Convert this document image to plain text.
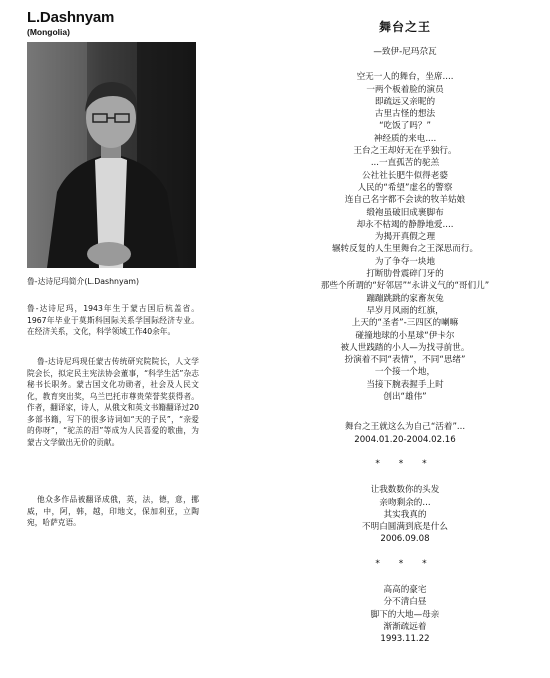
L.Dashnyam
(Mongolia)
鲁-达诗尼玛简介(L.Dashnyam)
鲁-达诗尼玛，1943年生于蒙古国后杭盖省。1967年毕业于莫斯科国际关系学国际经济专业。在经济关系，文化，科学领域工作40余年。
鲁-达诗尼玛现任蒙古传统研究院院长，人文学院会长，拟定民主宪法协会董事，“科学生活”杂志秘书长职务。蒙古国文化功勋者，社会及人民文化，教育突出奖，乌兰巴托市尊贵荣誉奖获得者。作者，翻译家，诗人，从俄文和英文书籍翻译过20多部书籍，写下的很多诗词如“天的子民”，“亲爱的你呀”，“驼羔的泪”等成为人民喜爱的歌曲，为蒙古文学做出无价的贡献。
他众多作品被翻译成俄，英，法，德，意，挪威，中，阿，韩，越，印地文，保加利亚，立陶宛，哈萨克语。
舞台之王
—致伊-尼玛尕瓦
空无一人的舞台，坐席....
一两个板着脸的演员
即疏远又亲昵的
古里古怪的想法
“吃饭了吗？”
神经质的来电....
王台之王却好无在乎独行。
...一直孤苦的驼羔
公社社长肥牛似得老婆
人民的“希望”虚名的警察
连自己名字都不会读的牧羊姑娘
缎袍虽破旧成裹脚布
却永不枯竭的静静地爱....
为揭开真假之理
辗转反复的人生里舞台之王深思而行。
为了争夺一块地
打断肋骨震碎门牙的
那些个所谓的“好邻居”“永讲义气的“哥们儿”
蹦蹦跳跳的家畜灰兔
早岁月风雨的红旗，
上天的“圣者”-三四区的喇嘛
碰撞地球的小星球“伊卡尔
被人世践踏的小人—为找寻前世。
扮演着不同“表情”，不同“思绪”
一个接一个地，
当接下腕表握手上时
创出“雄伟”
舞台之王就这么为自己“活着”...
2004.01.20-2004.02.16
* * *
让我数数你的头发
亲吻剩余的...
其实我真的
不明白圆满到底是什么
2006.09.08
* * *
高高的豪宅
分不清白昼
脚下的大地—母亲
渐渐疏远着
1993.11.22
